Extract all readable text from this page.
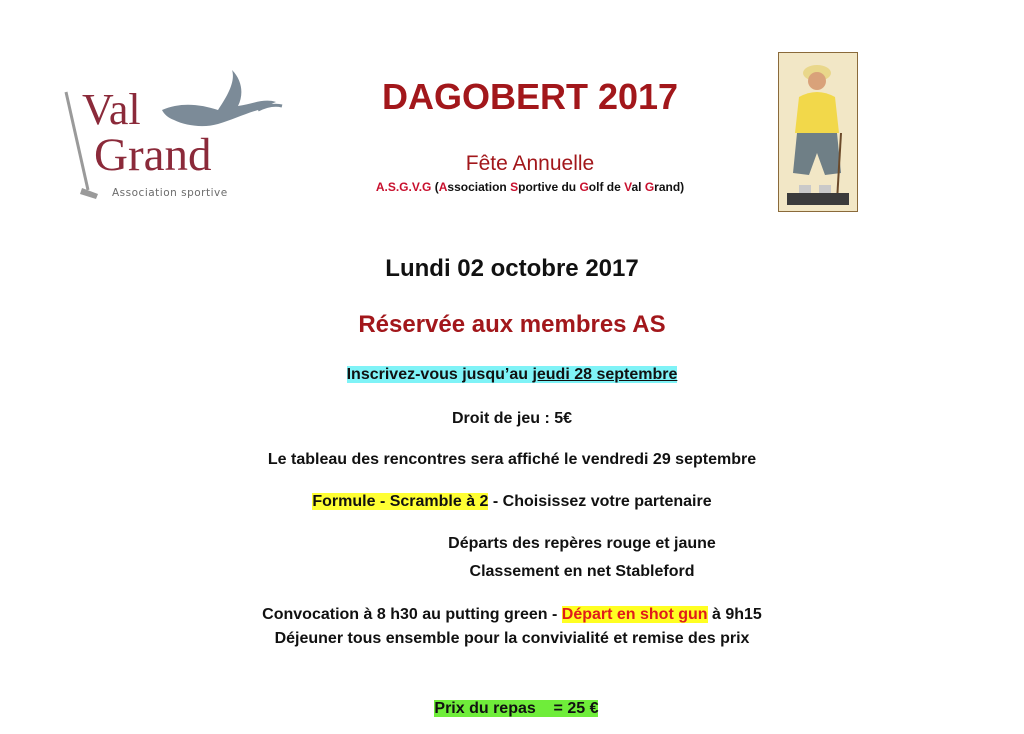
Val
Grand
Association sportive
DAGOBERT 2017
Fête Annuelle
A.S.G.V.G (Association Sportive du Golf de Val Grand)
Lundi 02 octobre 2017
Réservée aux membres AS
Inscrivez-vous jusqu’au jeudi 28 septembre
Droit de jeu : 5€
Le tableau des rencontres sera affiché le vendredi 29 septembre
Formule - Scramble à 2 - Choisissez votre partenaire
Départs des repères rouge et jaune
Classement en net Stableford
Convocation à 8 h30 au putting green - Départ en shot gun à 9h15
Déjeuner tous ensemble pour la convivialité et remise des prix

Prix du repas    = 25 €
